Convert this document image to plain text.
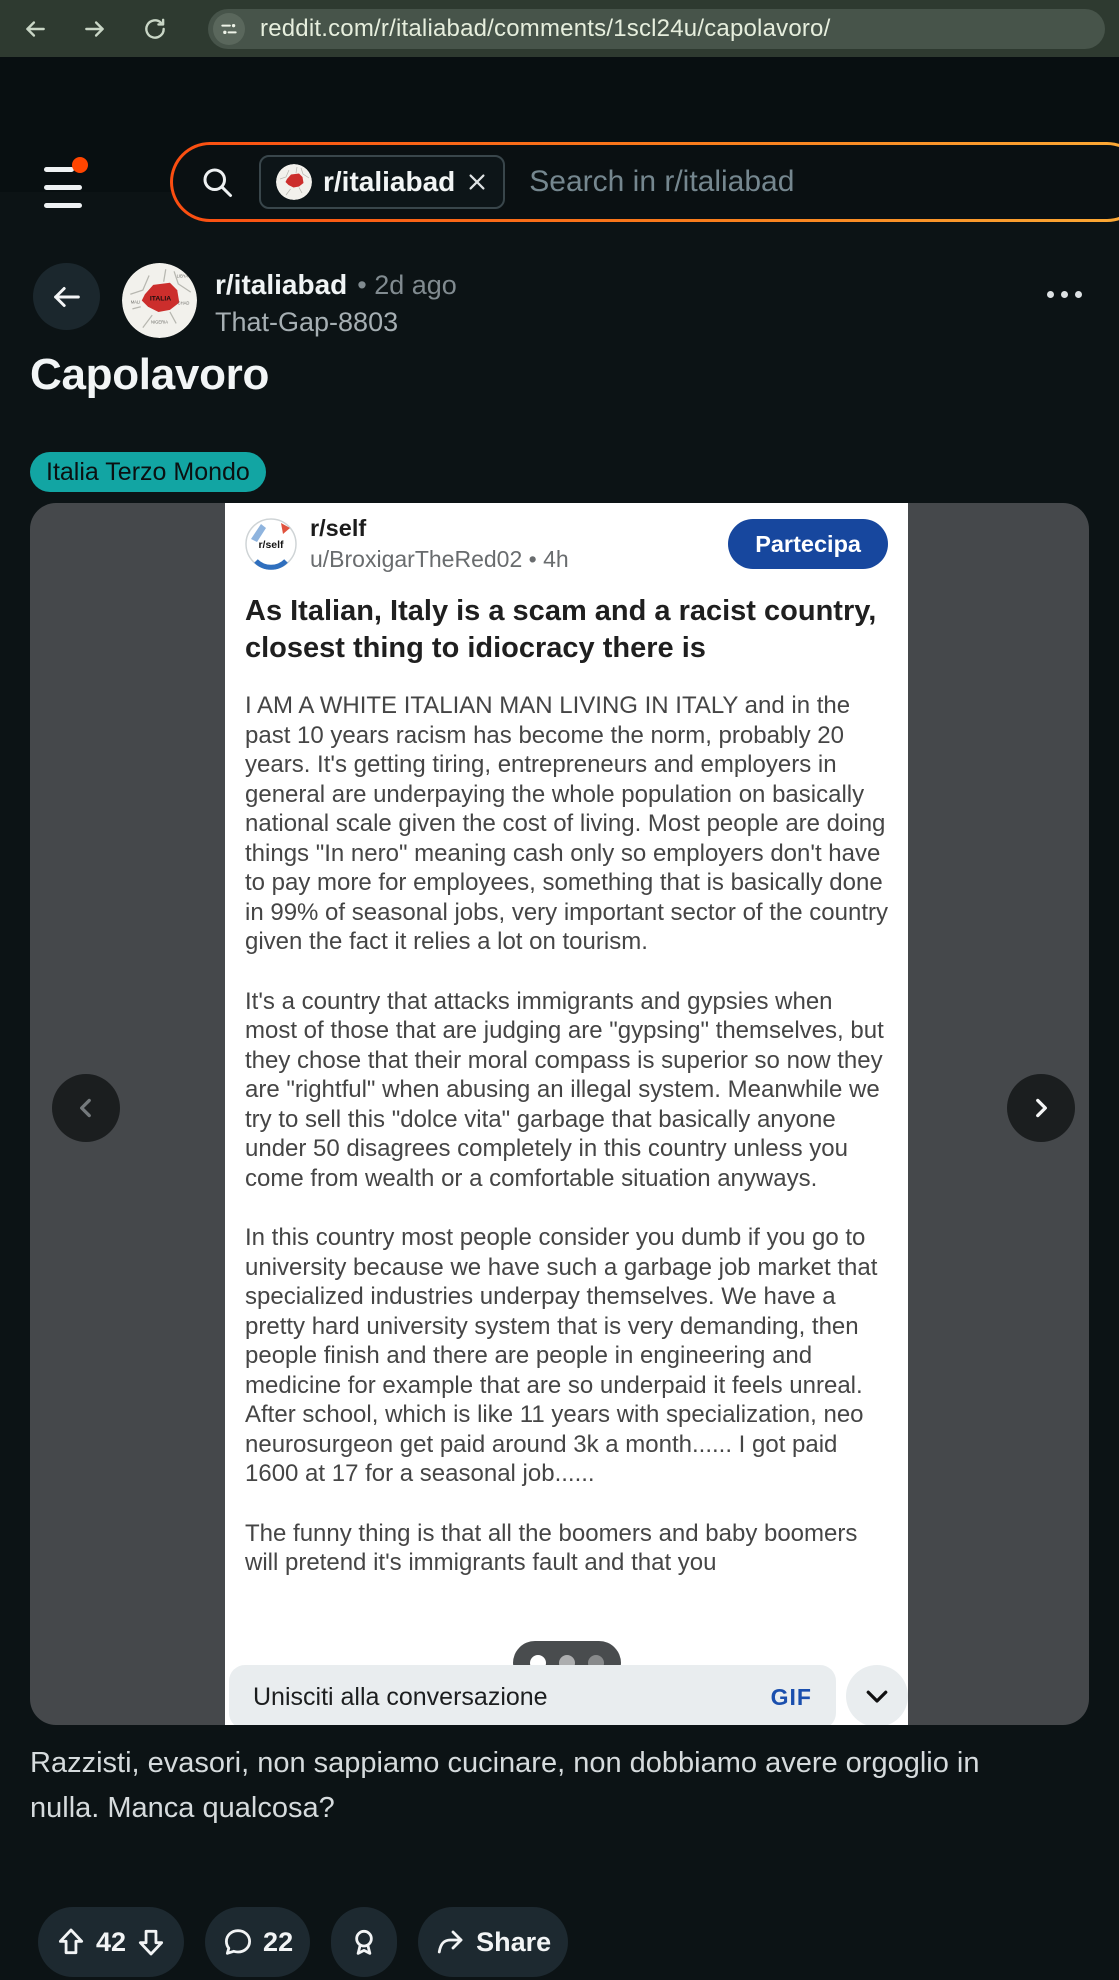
reddit.com/r/italiabad/comments/1scl24u/capolavoro/
r/italiabad Search in r/italiabad
ITALIA
MALI	CHAD
LIBYA
NIGERIA
r/italiabad • 2d ago
That-Gap-8803
Capolavoro
Italia Terzo Mondo
r/self
r/self
u/BroxigarTheRed02 • 4h
Partecipa
As Italian, Italy is a scam and a racist country, closest thing to idiocracy there is

I AM A WHITE ITALIAN MAN LIVING IN ITALY and in the past 10 years racism has become the norm, probably 20 years. It's getting tiring, entrepreneurs and employers in general are underpaying the whole population on basically national scale given the cost of living. Most people are doing things "In nero" meaning cash only so employers don't have to pay more for employees, something that is basically done in 99% of seasonal jobs, very important sector of the country given the fact it relies a lot on tourism.

It's a country that attacks immigrants and gypsies when most of those that are judging are "gypsing" themselves, but they chose that their moral compass is superior so now they are "rightful" when abusing an illegal system. Meanwhile we try to sell this "dolce vita" garbage that basically anyone under 50 disagrees completely in this country unless you come from wealth or a comfortable situation anyways.

In this country most people consider you dumb if you go to university because we have such a garbage job market that specialized industries underpay themselves. We have a pretty hard university system that is very demanding, then people finish and there are people in engineering and medicine for example that are so underpaid it feels unreal. After school, which is like 11 years with specialization, neo neurosurgeon get paid around 3k a month...... I got paid 1600 at 17 for a seasonal job......

The funny thing is that all the boomers and baby boomers will pretend it's immigrants fault and that you

Unisciti alla conversazione	GIF

Razzisti, evasori, non sappiamo cucinare, non dobbiamo avere orgoglio in nulla. Manca qualcosa?

42	22	Share
